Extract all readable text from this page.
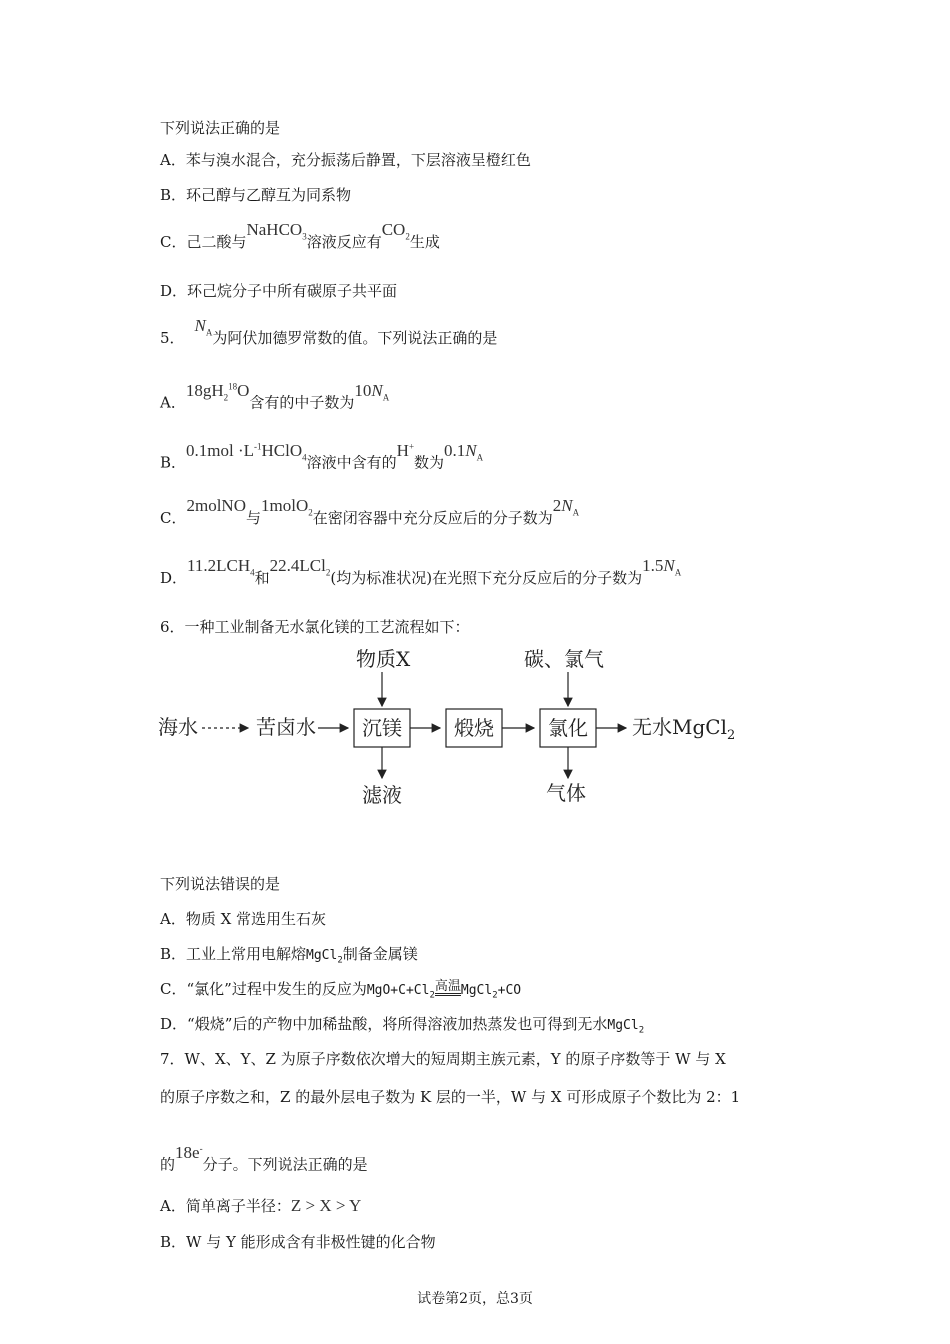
下列说法正确的是
A．苯与溴水混合，充分振荡后静置，下层溶液呈橙红色
B．环己醇与乙醇互为同系物
C．己二酸与NaHCO$_3$溶液反应有$CO_2$生成
D．环己烷分子中所有碳原子共平面
5．$N_A$为阿伏加德罗常数的值。下列说法正确的是
A．$18gH_2^{18}O$含有的中子数为$10N_A$
B．$0.1mol \cdot L^{-1}HClO_4$溶液中含有的H+数为$0.1N_A$
C．2molNO与1molO$_2$在密闭容器中充分反应后的分子数为$2N_A$
D．$11.2LCH_4$和22.4LCl$_2$(均为标准状况)在光照下充分反应后的分子数为$1.5N_A$
6．一种工业制备无水氯化镁的工艺流程如下：
海水	苦卤水 沉镁	煅烧	氯化 无水MgCl$_2$
物质X	碳、氯气
滤液	气体
下列说法错误的是
A．物质 X 常选用生石灰
B．工业上常用电解熔MgCl$_2$制备金属镁
C．“氯化”过程中发生的反应为$MgO+C+Cl_2$高温MgCl$_2$+CO
D．“煅烧”后的产物中加稀盐酸，将所得溶液加热蒸发也可得到无水MgCl$_2$
7．W、X、Y、Z 为原子序数依次增大的短周期主族元素，Y 的原子序数等于 W 与 X
的原子序数之和，Z 的最外层电子数为 K 层的一半，W 与 X 可形成原子个数比为 2：1
的18e-分子。下列说法正确的是
A．简单离子半径：Z > X > Y
B．W 与 Y 能形成含有非极性键的化合物
试卷第2页，总3页
